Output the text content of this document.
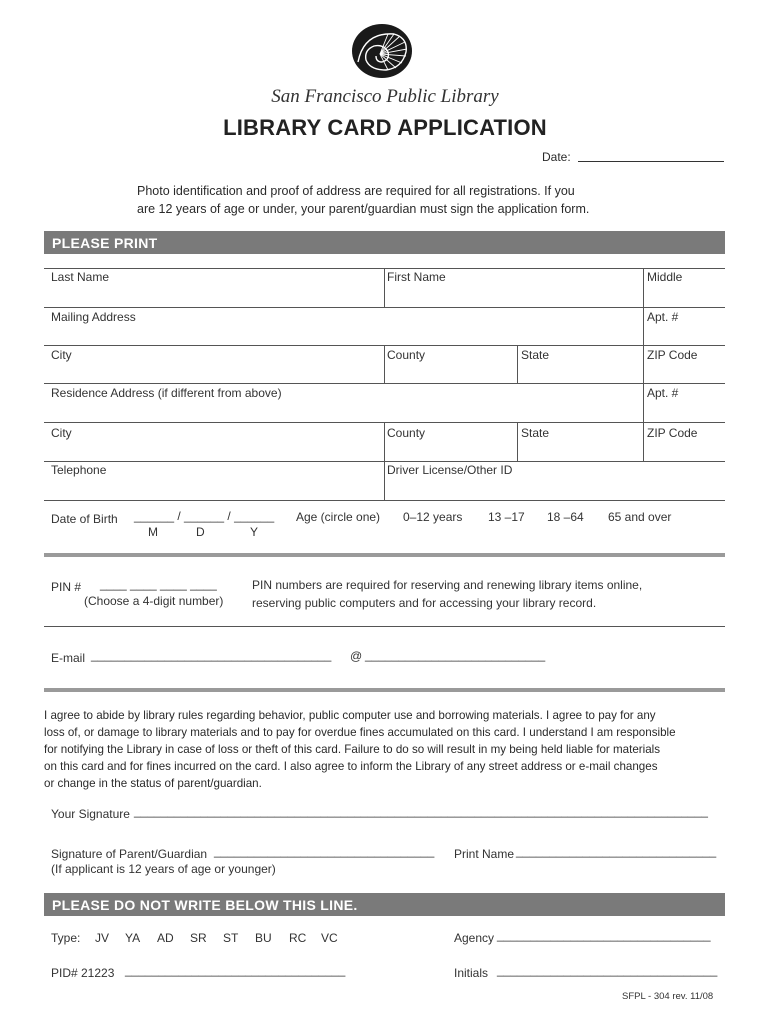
San Francisco Public Library
LIBRARY CARD APPLICATION
Date:
Photo identification and proof of address are required for all registrations. If you
are 12 years of age or under, your parent/guardian must sign the application form.
PLEASE PRINT
Last Name	First Name	Middle
Mailing Address	Apt. #
City	County	State	ZIP Code
Residence Address (if different from above)	Apt. #
City	County	State	ZIP Code
Telephone	Driver License/Other ID
Date of Birth ______ / ______ / ______
M	D	Y
Age (circle one) 0–12 years 13 –17 18 –64 65 and over
PIN # ____ ____ ____ ____
(Choose a 4-digit number)
PIN numbers are required for reserving and renewing library items online,
reserving public computers and for accessing your library record.
E-mail ____________________________________ @ ___________________________
I agree to abide by library rules regarding behavior, public computer use and borrowing materials. I agree to pay for any
loss of, or damage to library materials and to pay for overdue fines accumulated on this card. I understand I am responsible
for notifying the Library in case of loss or theft of this card. Failure to do so will result in my being held liable for materials
on this card and for fines incurred on the card. I also agree to inform the Library of any street address or e-mail changes
or change in the status of parent/guardian.
Your Signature ______________________________________________________________________________________
Signature of Parent/Guardian _________________________________ Print Name ______________________________
(If applicant is 12 years of age or younger)
PLEASE DO NOT WRITE BELOW THIS LINE.
Type: JV YA AD SR ST BU RC VC	Agency ________________________________
PID# 21223 _________________________________	Initials _________________________________
SFPL - 304 rev. 11/08
